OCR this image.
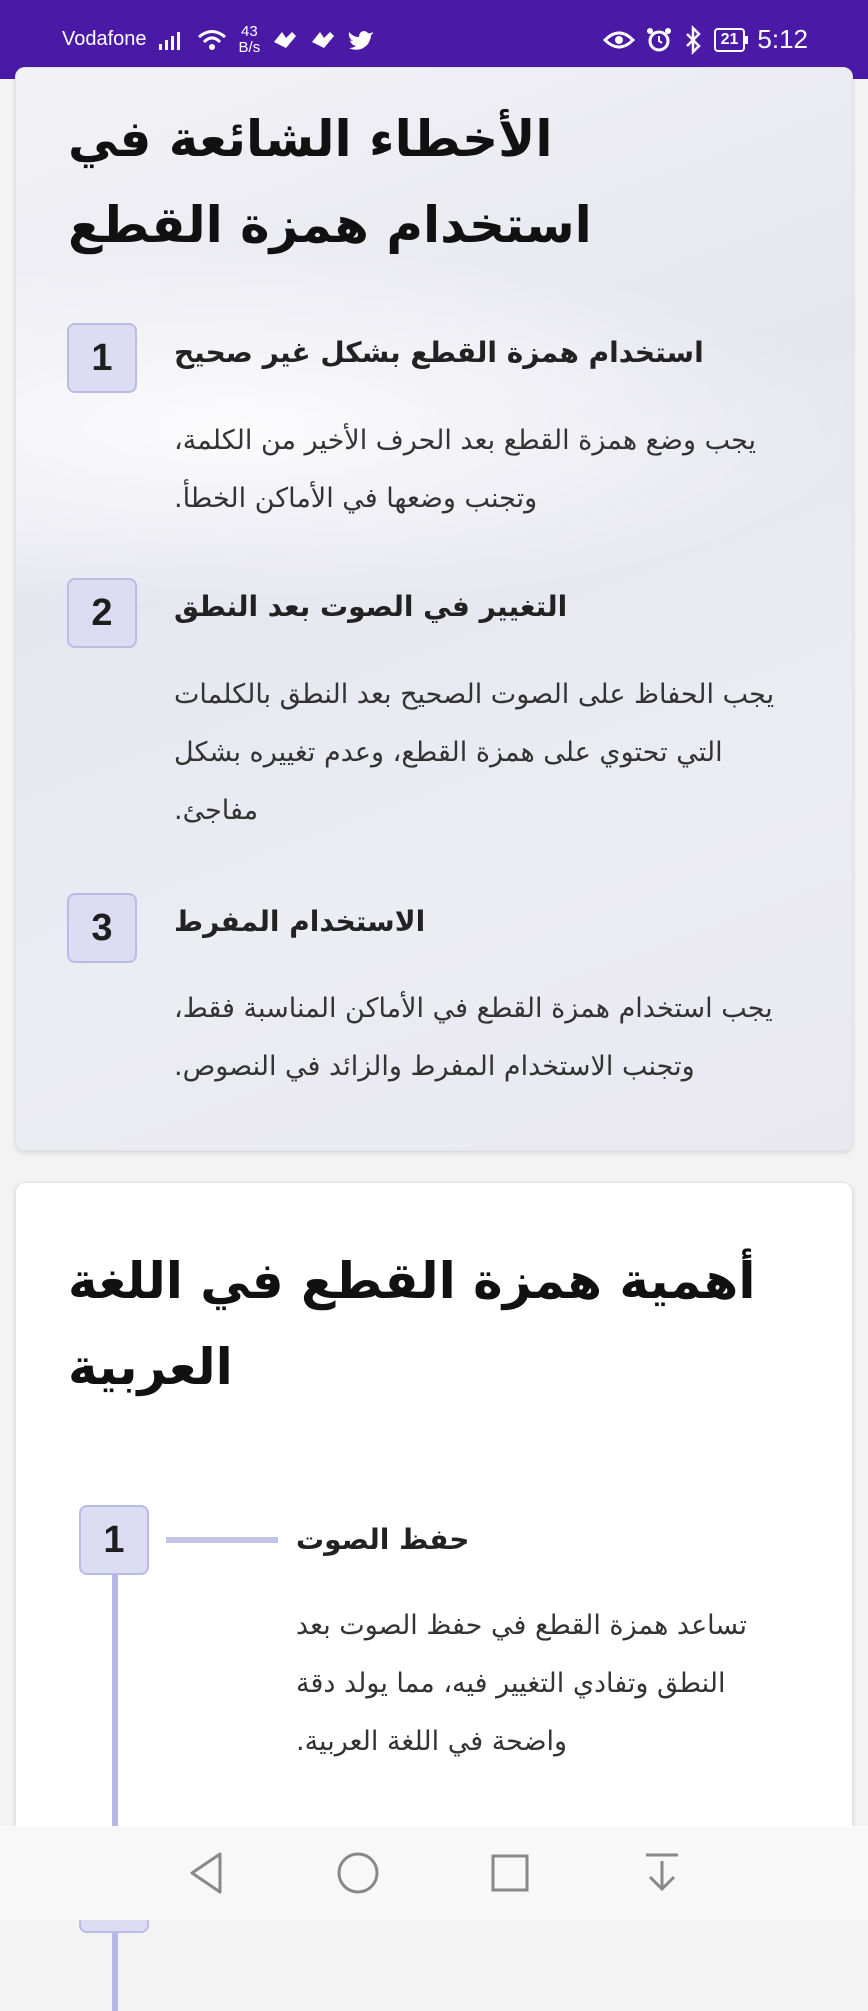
Vodafone	43
B/s	21 5:12
الأخطاء الشائعة في استخدام همزة القطع
1	استخدام همزة القطع بشكل غير صحيح
يجب وضع همزة القطع بعد الحرف الأخير من الكلمة، وتجنب وضعها في الأماكن الخطأ.
2	التغيير في الصوت بعد النطق
يجب الحفاظ على الصوت الصحيح بعد النطق بالكلمات التي تحتوي على همزة القطع، وعدم تغييره بشكل مفاجئ.
3	الاستخدام المفرط
يجب استخدام همزة القطع في الأماكن المناسبة فقط، وتجنب الاستخدام المفرط والزائد في النصوص.
أهمية همزة القطع في اللغة العربية
1	حفظ الصوت
تساعد همزة القطع في حفظ الصوت بعد النطق وتفادي التغيير فيه، مما يولد دقة واضحة في اللغة العربية.
